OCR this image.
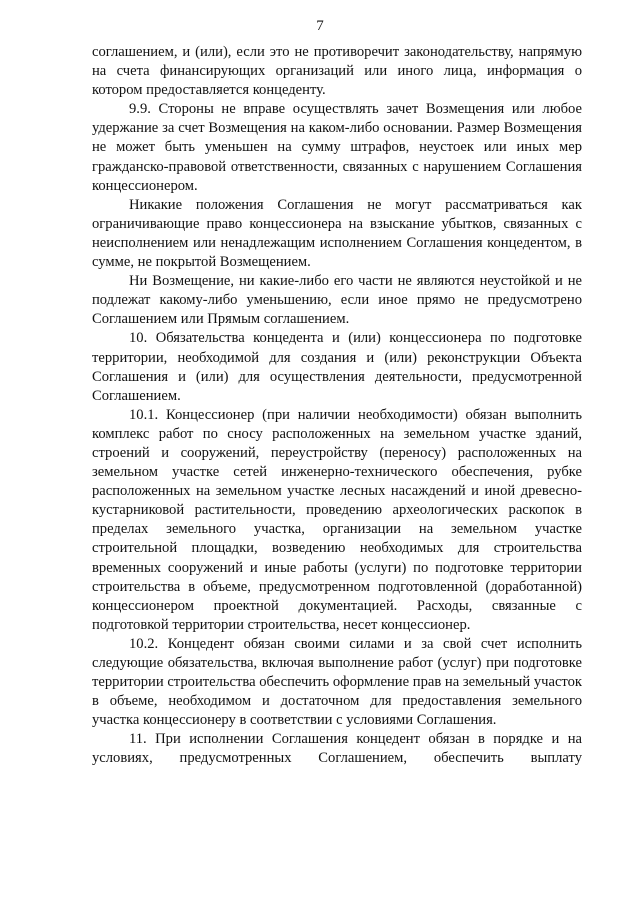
7

соглашением, и (или), если это не противоречит законодательству, напрямую на счета финансирующих организаций или иного лица, информация о котором предоставляется концеденту.

9.9. Стороны не вправе осуществлять зачет Возмещения или любое удержание за счет Возмещения на каком-либо основании. Размер Возмещения не может быть уменьшен на сумму штрафов, неустоек или иных мер гражданско-правовой ответственности, связанных с нарушением Соглашения концессионером.

Никакие положения Соглашения не могут рассматриваться как ограничивающие право концессионера на взыскание убытков, связанных с неисполнением или ненадлежащим исполнением Соглашения концедентом, в сумме, не покрытой Возмещением.

Ни Возмещение, ни какие-либо его части не являются неустойкой и не подлежат какому-либо уменьшению, если иное прямо не предусмотрено Соглашением или Прямым соглашением.

10. Обязательства концедента и (или) концессионера по подготовке территории, необходимой для создания и (или) реконструкции Объекта Соглашения и (или) для осуществления деятельности, предусмотренной Соглашением.

10.1. Концессионер (при наличии необходимости) обязан выполнить комплекс работ по сносу расположенных на земельном участке зданий, строений и сооружений, переустройству (переносу) расположенных на земельном участке сетей инженерно-технического обеспечения, рубке расположенных на земельном участке лесных насаждений и иной древесно-кустарниковой растительности, проведению археологических раскопок в пределах земельного участка, организации на земельном участке строительной площадки, возведению необходимых для строительства временных сооружений и иные работы (услуги) по подготовке территории строительства в объеме, предусмотренном подготовленной (доработанной) концессионером проектной документацией. Расходы, связанные с подготовкой территории строительства, несет концессионер.

10.2. Концедент обязан своими силами и за свой счет исполнить следующие обязательства, включая выполнение работ (услуг) при подготовке территории строительства обеспечить оформление прав на земельный участок в объеме, необходимом и достаточном для предоставления земельного участка концессионеру в соответствии с условиями Соглашения.

11. При исполнении Соглашения концедент обязан в порядке и на условиях, предусмотренных Соглашением, обеспечить выплату
